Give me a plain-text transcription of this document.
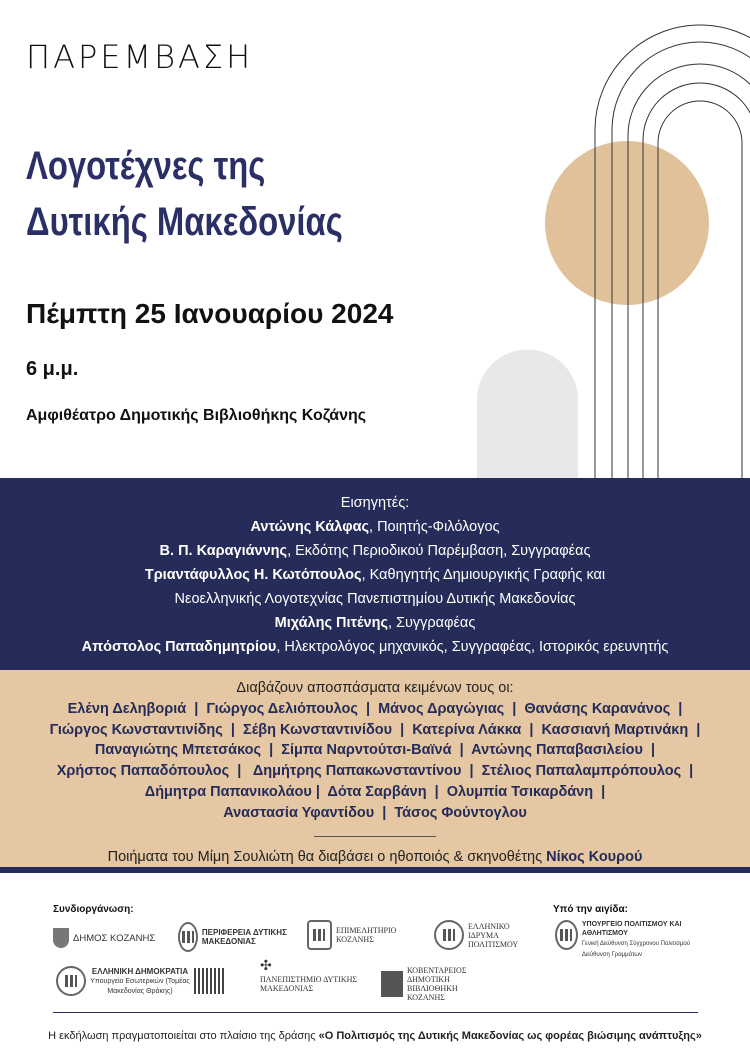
ΠΑΡΕΜΒΑΣΗ
Λογοτέχνες της
Δυτικής Μακεδονίας
Πέμπτη 25 Ιανουαρίου 2024
6 μ.μ.
Αμφιθέατρο Δημοτικής Βιβλιοθήκης Κοζάνης
Εισηγητές:
Αντώνης Κάλφας, Ποιητής-Φιλόλογος
Β. Π. Καραγιάννης, Εκδότης Περιοδικού Παρέμβαση, Συγγραφέας
Τριαντάφυλλος Η. Κωτόπουλος, Καθηγητής Δημιουργικής Γραφής και
Νεοελληνικής Λογοτεχνίας Πανεπιστημίου Δυτικής Μακεδονίας
Μιχάλης Πιτένης, Συγγραφέας
Απόστολος Παπαδημητρίου, Ηλεκτρολόγος μηχανικός, Συγγραφέας, Ιστορικός ερευνητής
Διαβάζουν αποσπάσματα κειμένων τους οι:
Ελένη Δεληβοριά  |  Γιώργος Δελιόπουλος  |  Μάνος Δραγώγιας  |  Θανάσης Καρανάνος  |
Γιώργος Κωνσταντινίδης  |  Σέβη Κωνσταντινίδου  |  Κατερίνα Λάκκα  |  Κασσιανή Μαρτινάκη  |
Παναγιώτης Μπετσάκος  |  Σίμπα Ναρντούτσι-Βαϊνά  |  Αντώνης Παπαβασιλείου  |
Χρήστος Παπαδόπουλος  |   Δημήτρης Παπακωνσταντίνου  |  Στέλιος Παπαλαμπρόπουλος  |
Δήμητρα Παπανικολάου |  Δότα Σαρβάνη  |  Ολυμπία Τσικαρδάνη  |
Αναστασία Υφαντίδου  |  Τάσος Φούντογλου
Ποιήματα του Μίμη Σουλιώτη θα διαβάσει ο ηθοποιός & σκηνοθέτης Νίκος Κουρού
Συνδιοργάνωση:	Υπό την αιγίδα:
ΔΗΜΟΣ ΚΟΖΑΝΗΣ	ΠΕΡΙΦΕΡΕΙΑ ΔΥΤΙΚΗΣ ΜΑΚΕΔΟΝΙΑΣ
ΕΠΙΜΕΛΗΤΗΡΙΟ ΚΟΖΑΝΗΣ
ΕΛΛΗΝΙΚΟ ΙΔΡΥΜΑ ΠΟΛΙΤΙΣΜΟΥ
ΥΠΟΥΡΓΕΙΟ ΠΟΛΙΤΙΣΜΟΥ ΚΑΙ ΑΘΛΗΤΙΣΜΟΥ
Γενική Διεύθυνση Σύγχρονου Πολιτισμού Διεύθυνση Γραμμάτων
ΕΛΛΗΝΙΚΗ ΔΗΜΟΚΡΑΤΙΑ
Υπουργείο Εσωτερικών (Τομέας Μακεδονίας Θράκης)
✣
ΠΑΝΕΠΙΣΤΗΜΙΟ ΔΥΤΙΚΗΣ ΜΑΚΕΔΟΝΙΑΣ
ΚΟΒΕΝΤΑΡΕΙΟΣ ΔΗΜΟΤΙΚΗ ΒΙΒΛΙΟΘΗΚΗ ΚΟΖΑΝΗΣ
Η εκδήλωση πραγματοποιείται στο πλαίσιο της δράσης «Ο Πολιτισμός της Δυτικής Μακεδονίας ως φορέας βιώσιμης ανάπτυξης»
